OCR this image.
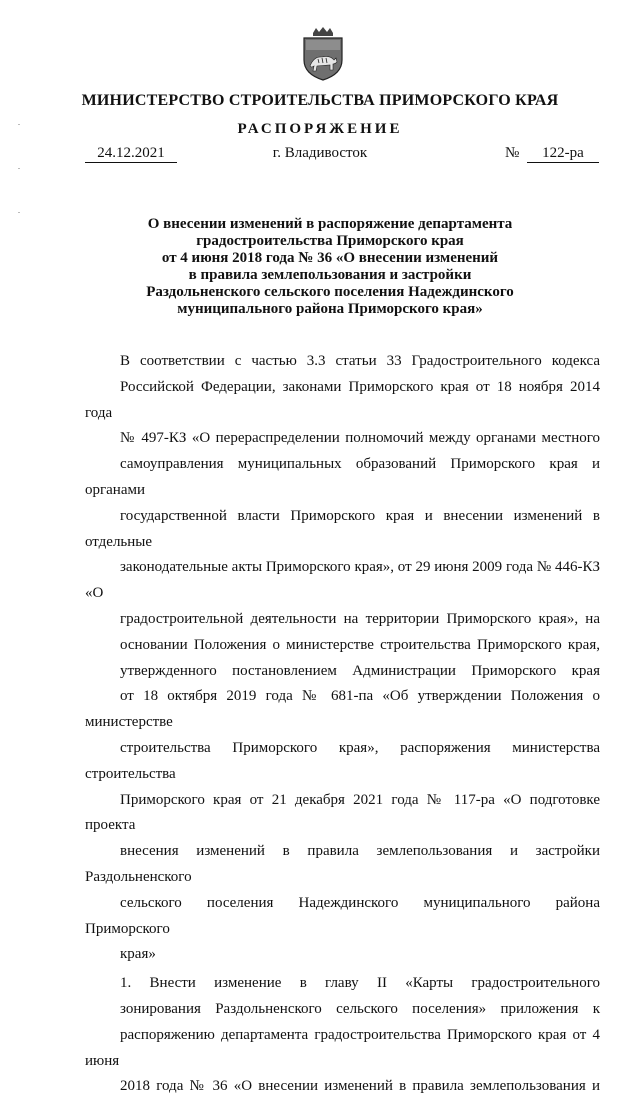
МИНИСТЕРСТВО СТРОИТЕЛЬСТВА ПРИМОРСКОГО КРАЯ
РАСПОРЯЖЕНИЕ
24.12.2021	г. Владивосток	№ 122-ра
О внесении изменений в распоряжение департамента
градостроительства Приморского края
от 4 июня 2018 года № 36 «О внесении изменений
в правила землепользования и застройки
Раздольненского сельского поселения Надеждинского
муниципального района Приморского края»

В соответствии с частью 3.3 статьи 33 Градостроительного кодекса
Российской Федерации, законами Приморского края от 18 ноября 2014 года
№ 497-КЗ «О перераспределении полномочий между органами местного
самоуправления муниципальных образований Приморского края и органами
государственной власти Приморского края и внесении изменений в отдельные
законодательные акты Приморского края», от 29 июня 2009 года № 446-КЗ «О
градостроительной деятельности на территории Приморского края», на
основании Положения о министерстве строительства Приморского края,
утвержденного постановлением Администрации Приморского края
от 18 октября 2019 года № 681-па «Об утверждении Положения о министерстве
строительства Приморского края», распоряжения министерства строительства
Приморского края от 21 декабря 2021 года № 117-ра «О подготовке проекта
внесения изменений в правила землепользования и застройки Раздольненского
сельского поселения Надеждинского муниципального района Приморского
края»

1. Внести изменение в главу II «Карты градостроительного
зонирования Раздольненского сельского поселения» приложения к
распоряжению департамента градостроительства Приморского края от 4 июня
2018 года № 36 «О внесении изменений в правила землепользования и
